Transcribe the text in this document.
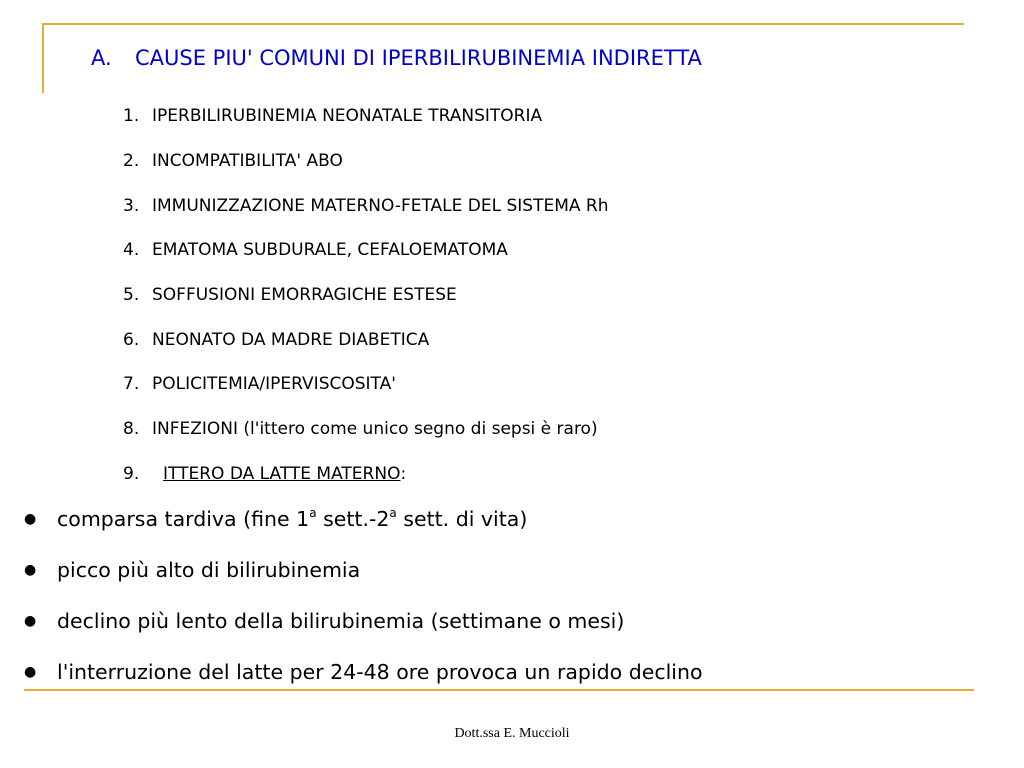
A. CAUSE PIU' COMUNI DI IPERBILIRUBINEMIA INDIRETTA
1. IPERBILIRUBINEMIA NEONATALE TRANSITORIA
2. INCOMPATIBILITA' ABO
3. IMMUNIZZAZIONE MATERNO-FETALE DEL SISTEMA Rh
4. EMATOMA SUBDURALE, CEFALOEMATOMA
5. SOFFUSIONI EMORRAGICHE ESTESE
6. NEONATO DA MADRE DIABETICA
7. POLICITEMIA/IPERVISCOSITA'
8. INFEZIONI (l'ittero come unico segno di sepsi è raro)
9.	ITTERO DA LATTE MATERNO :
●	comparsa tardiva (fine 1$^a$ sett.-2$^a$ sett. di vita)
●	picco più alto di bilirubinemia
●	declino più lento della bilirubinemia (settimane o mesi)
●	l'interruzione del latte per 24-48 ore provoca un rapido declino
Dott.ssa E. Muccioli
